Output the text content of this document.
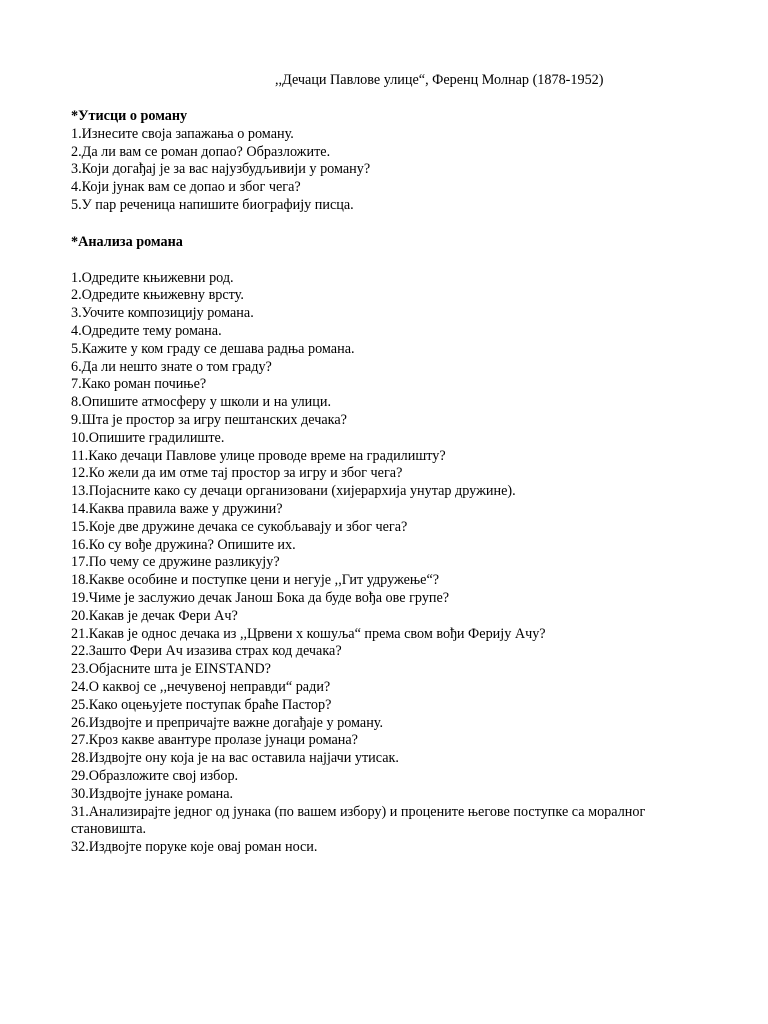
,,Дечаци Павлове улице“, Ференц Молнар (1878-1952)

*Утисци о роману

1.Изнесите своја запажања о роману.
2.Да ли вам се роман допао? Образложите.
3.Који догађај је за вас најузбудљивији у роману?
4.Који јунак вам се допао и због чега?
5.У пар реченица напишите биографију писца.

*Анализа романа

1.Одредите књижевни род.
2.Одредите књижевну врсту.
3.Уочите композицију романа.
4.Одредите тему романа.
5.Кажите у ком граду се дешава радња романа.
6.Да ли нешто знате о том граду?
7.Како роман почиње?
8.Опишите атмосферу у школи и на улици.
9.Шта је простор за игру пештанских дечака?
10.Опишите градилиште.
11.Како дечаци Павлове улице проводе време на градилишту?
12.Ко жели да им отме тај простор за игру и због чега?
13.Појасните како су дечаци организовани (хијерархија унутар дружине).
14.Каква правила важе у дружини?
15.Које две дружине дечака се сукобљавају и због чега?
16.Ко су вође дружина? Опишите их.
17.По чему се дружине разликују?
18.Какве особине и поступке цени и негује ,,Гит удружење“?
19.Чиме је заслужио дечак Јанош Бока да буде вођа ове групе?
20.Какав је дечак Фери Ач?
21.Какав је однос дечака из ,,Црвени х кошуља“ према свом вођи Ферију Ачу?
22.Зашто Фери Ач изазива страх код дечака?
23.Објасните шта је EINSTAND?
24.О каквој се ,,нечувеној неправди“ ради?
25.Како оцењујете поступак браће Пастор?
26.Издвојте и препричајте важне догађаје у роману.
27.Кроз какве авантуре пролазе јунаци романа?
28.Издвојте ону која је на вас оставила најјачи утисак.
29.Образложите свој избор.
30.Издвојте јунаке романа.
31.Анализирајте једног од јунака (по вашем избору) и процените његове поступке са моралног становишта.
32.Издвојте поруке које овај роман носи.
